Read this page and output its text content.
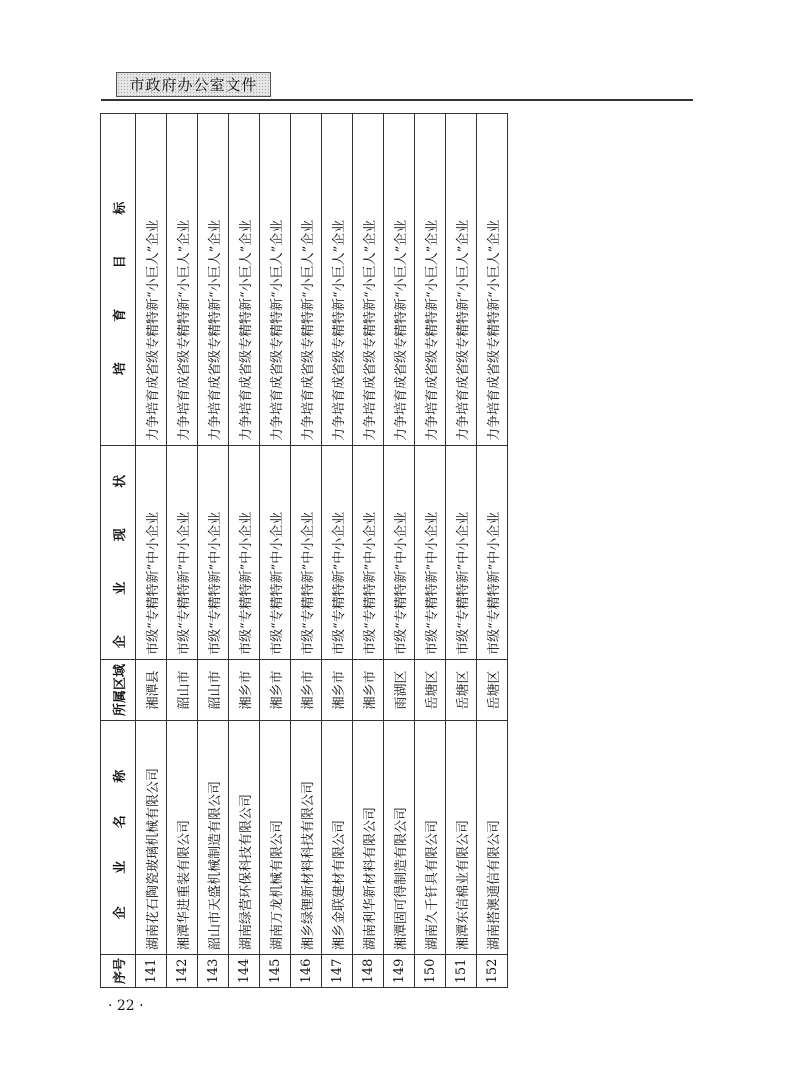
市政府办公室文件
序号	企 业 名 称	所属区域	企 业 现 状	培 育 目 标
141	湖南花石陶瓷玻璃机械有限公司	湘潭县	市级“专精特新”中小企业	力争培育成省级专精特新“小巨人”企业
142	湘潭华进重装有限公司	韶山市	市级“专精特新”中小企业	力争培育成省级专精特新“小巨人”企业
143	韶山市天盛机械制造有限公司	韶山市	市级“专精特新”中小企业	力争培育成省级专精特新“小巨人”企业
144	湖南绿营环保科技有限公司	湘乡市	市级“专精特新”中小企业	力争培育成省级专精特新“小巨人”企业
145	湖南万龙机械有限公司	湘乡市	市级“专精特新”中小企业	力争培育成省级专精特新“小巨人”企业
146	湘乡绿锂新材料科技有限公司	湘乡市	市级“专精特新”中小企业	力争培育成省级专精特新“小巨人”企业
147	湘乡金联建材有限公司	湘乡市	市级“专精特新”中小企业	力争培育成省级专精特新“小巨人”企业
148	湖南利华新材料有限公司	湘乡市	市级“专精特新”中小企业	力争培育成省级专精特新“小巨人”企业
149	湘潭固可得制造有限公司	雨湖区	市级“专精特新”中小企业	力争培育成省级专精特新“小巨人”企业
150	湖南久千钎具有限公司	岳塘区	市级“专精特新”中小企业	力争培育成省级专精特新“小巨人”企业
151	湘潭东信棉业有限公司	岳塘区	市级“专精特新”中小企业	力争培育成省级专精特新“小巨人”企业
152	湖南搭澳通信有限公司	岳塘区	市级“专精特新”中小企业	力争培育成省级专精特新“小巨人”企业
· 22 ·
